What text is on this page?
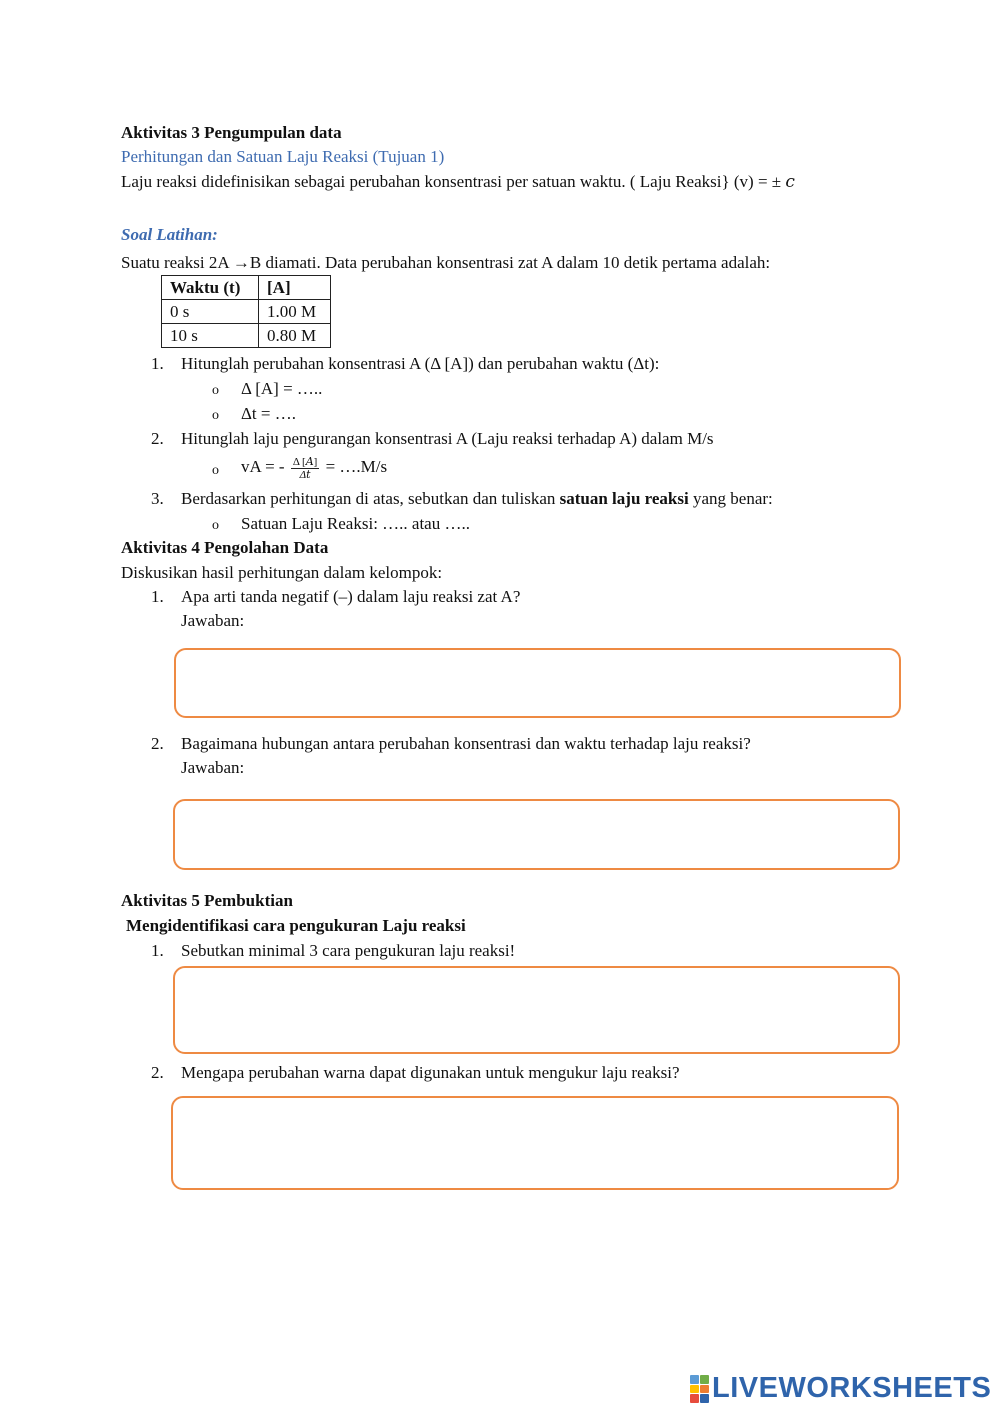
Aktivitas 3 Pengumpulan data
Perhitungan dan Satuan Laju Reaksi (Tujuan 1)
Laju reaksi didefinisikan sebagai perubahan konsentrasi per satuan waktu. ( Laju Reaksi} (v) = ± 𝑐
Soal Latihan:
Suatu reaksi 2A →B diamati. Data perubahan konsentrasi zat A dalam 10 detik pertama adalah:
Waktu (t)	[A]
0 s	1.00 M
10 s	0.80 M
1. Hitunglah perubahan konsentrasi A (Δ [A]) dan perubahan waktu (Δt):
o Δ [A] = …..
o Δt = ….
2. Hitunglah laju pengurangan konsentrasi A (Laju reaksi terhadap A) dalam M/s
o vA = - $\frac{\text{Δ [𝐴]}}{\text{Δ𝑡}}$ = ….M/s
3. Berdasarkan perhitungan di atas, sebutkan dan tuliskan satuan laju reaksi yang benar:
o Satuan Laju Reaksi: ….. atau …..
Aktivitas 4 Pengolahan Data
Diskusikan hasil perhitungan dalam kelompok:
1. Apa arti tanda negatif (–) dalam laju reaksi zat A?
Jawaban:
2. Bagaimana hubungan antara perubahan konsentrasi dan waktu terhadap laju reaksi?
Jawaban:
Aktivitas 5 Pembuktian
Mengidentifikasi cara pengukuran Laju reaksi
1. Sebutkan minimal 3 cara pengukuran laju reaksi!
2. Mengapa perubahan warna dapat digunakan untuk mengukur laju reaksi?
LIVEWORKSHEETS
